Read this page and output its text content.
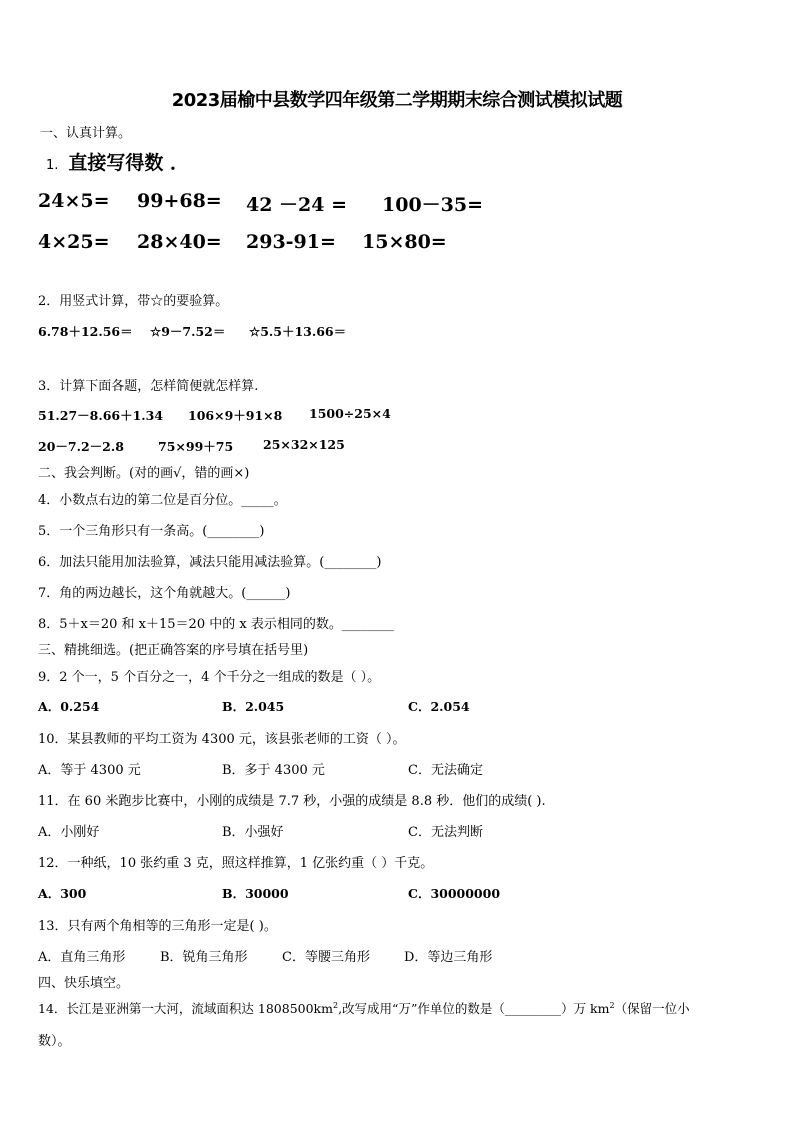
2023届榆中县数学四年级第二学期期末综合测试模拟试题
一、认真计算。
1. 直接写得数 ．
24×5= 99+68= 42 －24 = 100－35=
4×25= 28×40= 293-91= 15×80=
2．用竖式计算，带☆的要验算。
6.78＋12.56＝ ☆9－7.52＝ ☆5.5＋13.66＝
3．计算下面各题，怎样简便就怎样算.
51.27－8.66＋1.34 106×9＋91×8 1500÷25×4
20－7.2－2.8	75×99＋75 25×32×125
二、我会判断。(对的画√，错的画×)
4．小数点右边的第二位是百分位。_____。
5．一个三角形只有一条高。(________)
6．加法只能用加法验算，减法只能用减法验算。(________)
7．角的两边越长，这个角就越大。(______)
8．5＋x＝20 和 x＋15＝20 中的 x 表示相同的数。________
三、精挑细选。(把正确答案的序号填在括号里)
9．2 个一，5 个百分之一，4 个千分之一组成的数是（ ）。
A．0.254	B．2.045	C．2.054
10．某县教师的平均工资为 4300 元，该县张老师的工资（ ）。
A．等于 4300 元	B．多于 4300 元	C．无法确定
11．在 60 米跑步比赛中，小刚的成绩是 7.7 秒，小强的成绩是 8.8 秒．他们的成绩( ).
A．小刚好	B．小强好	C．无法判断
12．一种纸，10 张约重 3 克，照这样推算，1 亿张约重（ ）千克。
A．300	B．30000	C．30000000
13．只有两个角相等的三角形一定是( )。
A．直角三角形	B．锐角三角形	C．等腰三角形	D．等边三角形
四、快乐填空。
14．长江是亚洲第一大河，流域面积达 $1808500km^2$,改写成用“万”作单位的数是（_________）万 $km^2$（保留一位小
数）。
